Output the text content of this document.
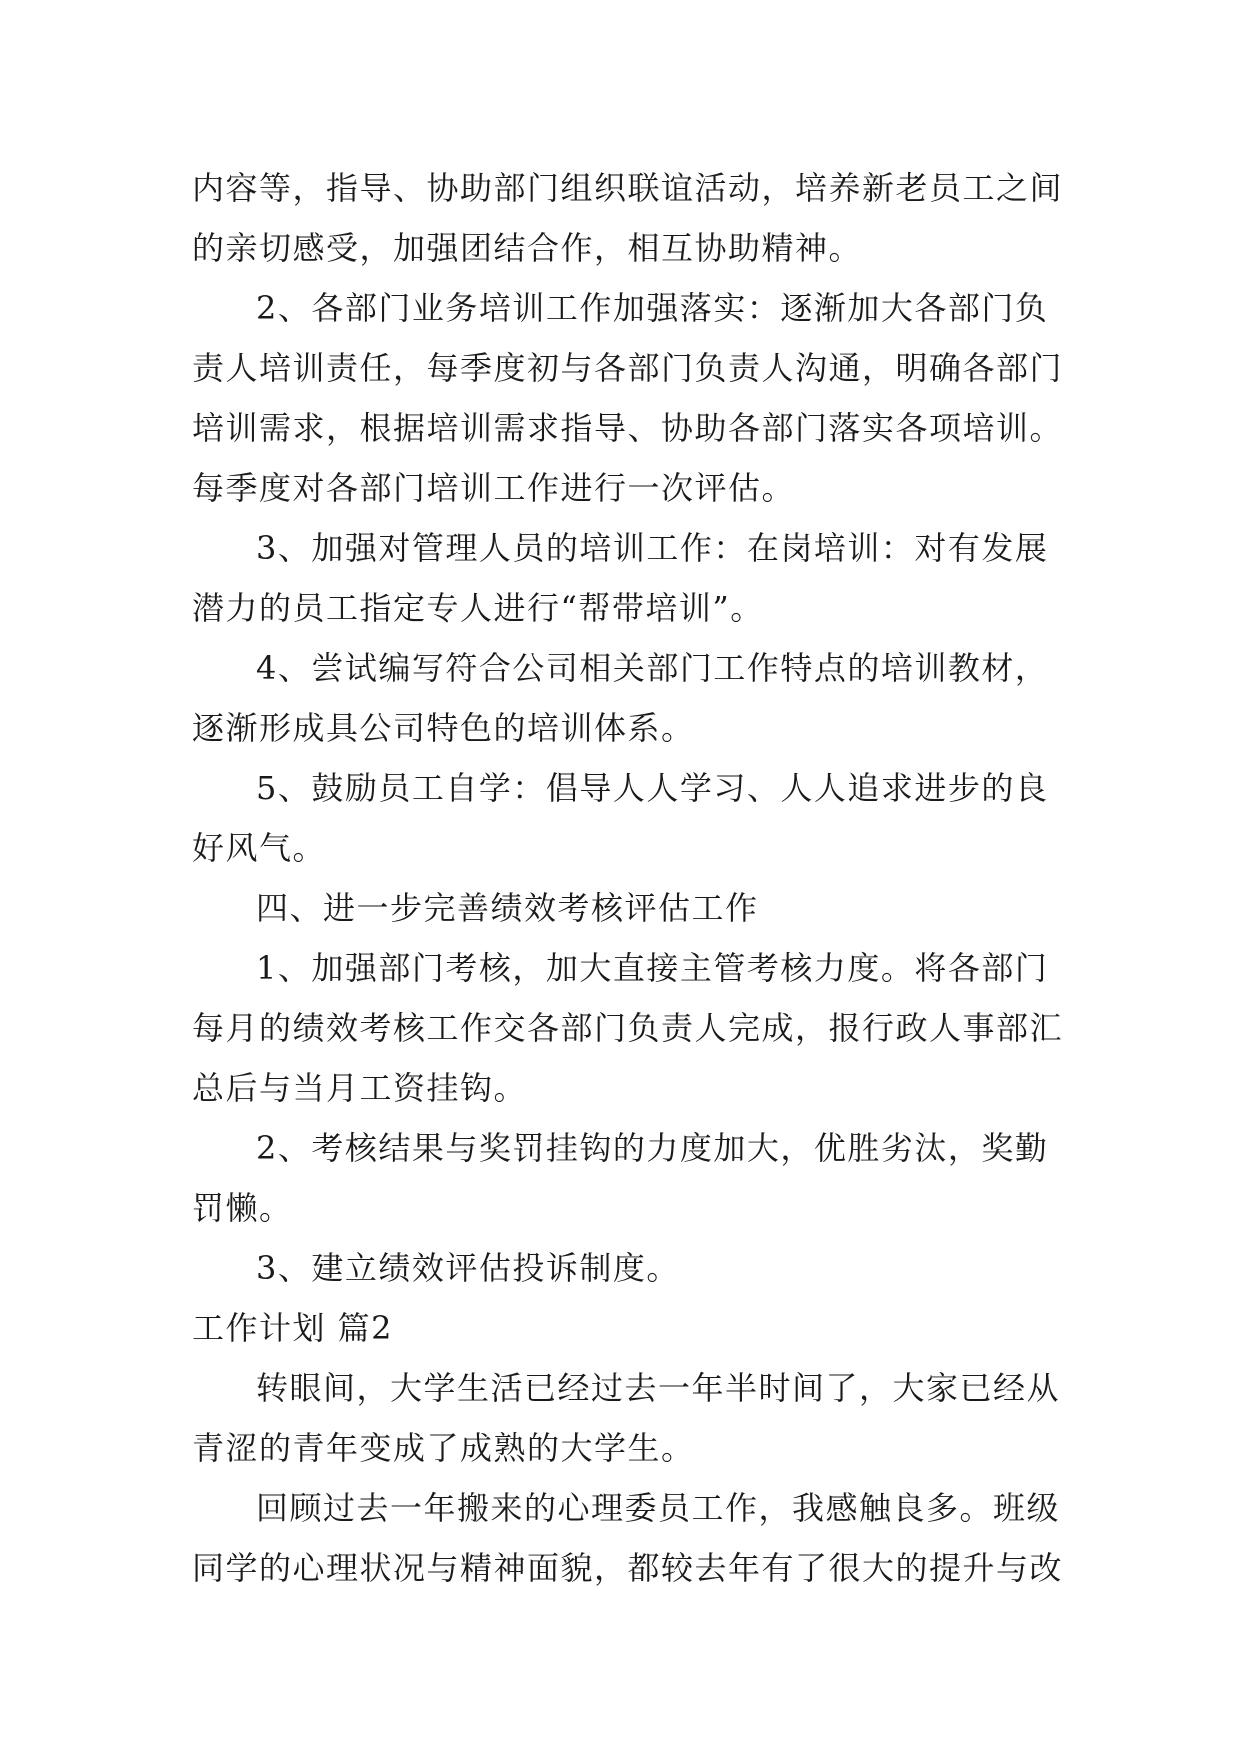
内容等，指导、协助部门组织联谊活动，培养新老员工之间
的亲切感受，加强团结合作，相互协助精神。
2、各部门业务培训工作加强落实：逐渐加大各部门负
责人培训责任，每季度初与各部门负责人沟通，明确各部门
培训需求，根据培训需求指导、协助各部门落实各项培训。
每季度对各部门培训工作进行一次评估。
3、加强对管理人员的培训工作：在岗培训：对有发展
潜力的员工指定专人进行“帮带培训”。
4、尝试编写符合公司相关部门工作特点的培训教材，
逐渐形成具公司特色的培训体系。
5、鼓励员工自学：倡导人人学习、人人追求进步的良
好风气。
四、进一步完善绩效考核评估工作
1、加强部门考核，加大直接主管考核力度。将各部门
每月的绩效考核工作交各部门负责人完成，报行政人事部汇
总后与当月工资挂钩。
2、考核结果与奖罚挂钩的力度加大，优胜劣汰，奖勤
罚懒。
3、建立绩效评估投诉制度。
工作计划 篇2
转眼间，大学生活已经过去一年半时间了，大家已经从
青涩的青年变成了成熟的大学生。
回顾过去一年搬来的心理委员工作，我感触良多。班级
同学的心理状况与精神面貌，都较去年有了很大的提升与改
